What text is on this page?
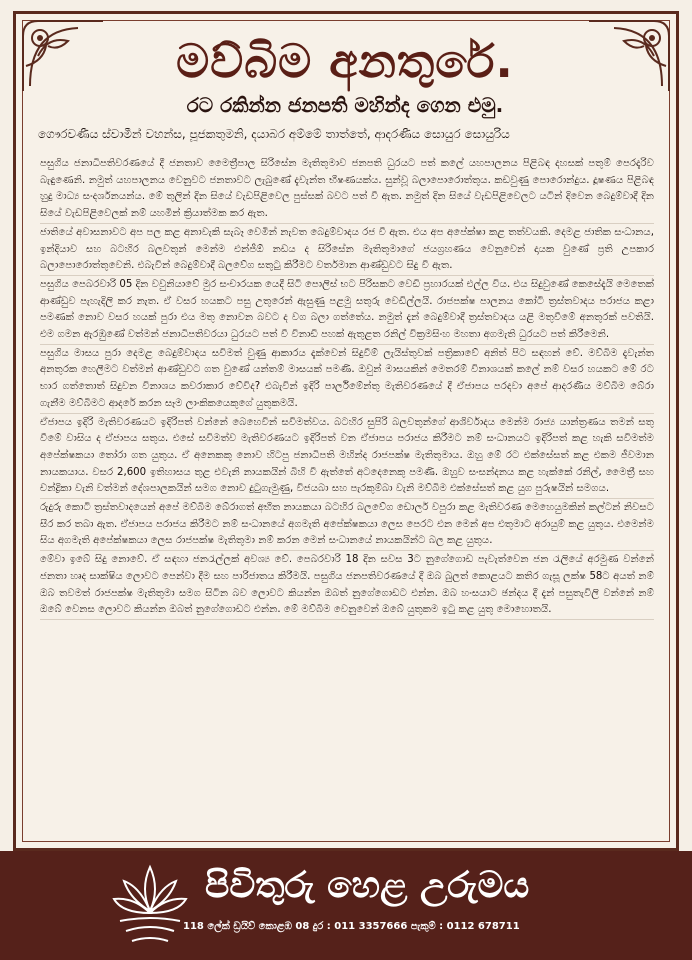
මව්බිම අනතුරේ.
රට රකින්න ජනපති මහින්ද ගෙන එමු.
ගෞරවණීය ස්වාමීන් වහන්ස, පූජකතුමනි, දයාබර අම්මේ තාත්තේ, ආදරණීය සොයුර සොයුරිය

පසුගිය ජනාධිපතිවරණයේ දී ජනතාව මෛත්‍රීපාල සිරිසේන මැතිතුමාව ජනපති ධුරයට පත් කලේ යහපාලනය පිළිබඳ දහසක් පතුම් පෙරදැරිව බැඳුණෙනි. නමුත් යහපාලනය වෙනුවට ජනතාවට ලැබුණේ දැවැන්ත භීෂණයක්ය. සුන්වූ බලාපොරොත්තුය. කඩවුණු පොරොන්දුය. දූෂණය පිළිබඳ හුදු මාධ්‍ය සංදර්ශනයන්ය. මේ තුලින් දින සියේ වැඩපිළිවෙල පුස්සක් බවට පත් වී ඇත. නමුත් දින සියේ වැඩපිළිවෙලට යටින් දිවෙන බෙදුම්වාදී දින සියේ වැඩපිළිවෙලක් නම් යහමින් ක්‍රියාත්මක කර ඇත.

ජාතියේ අවාසනාවට අප පල කළ අනාවැකි සැබෑ වෙමින් නැවත බෙදුම්වාදය රජ වී ඇත. එය අප අපේක්ෂා කළ තත්වයකි. දෙමළ ජාතික සංධානය, ඉන්දියාව සහ බටහිර බලවතුන් මෙන්ම එන්ජීඕ නඩය ද සිරිසේන මැතිතුමාගේ ජයග්‍රහණය වෙනුවෙන් දායක වුණේ ප්‍රති උපකාර බලාපොරොත්තුවෙනි. එබැවින් බෙදුම්වාදී බලවේග සතුටු කිරීමට වර්තමාන ආණ්ඩුවට සිදු වී ඇත.

පසුගිය පෙබරවාරි 05 දින වවුනියාවේ මුර සංචාරයක යෙදී සිටි පොලිස් භට පිරිසකට වෙඩි ප්‍රහාරයක් එල්ල විය. එය සිදුවුණේ කෙසේදැයි මෙතෙක් ආණ්ඩුව පැහැදිලි කර නැත. ඒ වසර හයකට පසු උතුරෙන් ඇසුණු පළමු සතුරු වෙඩිල්ලයි. රාජපක්ෂ පාලනය කෝටි ත්‍රස්තවාදය පරාජය කළා පමණක් නොව වසර හයක් පුරා එය මතු නොවන බවට ද වග බලා ගත්තේය. නමුත් දැන් බෙදුම්වාදී ත්‍රස්තවාදය යළි මතුවීමේ අනතුරක් පවතියි. එම ගමන ඇරඹුණේ වත්මන් ජනාධිපතිවරයා ධුරයට පත් වී විනාඩි පහක් ඇතුළත රනිල් වික්‍රමසිංහ මහතා අගමැති ධුරයට පත් කිරීමෙනි.

පසුගිය මාසය පුරා දෙමළ බෙදුම්වාදය සවිමත් වුණු ආකාරය දැක්වෙන් සිදුවීම් ලැයිස්තුවක් පත්‍රිකාවේ අනිත් පිට සඳහන් වේ. මව්බිම දැවැන්ත අනතුරක හෙලීමට වත්මන් ආණ්ඩුවට ගත වුණේ යන්තම් මාසයක් පමණි. ඔවුන් මාසයකින් මෙතරම් විනාශයක් කලේ නම් වසර හයකට මේ රට භාර ගත්තොත් සිදුවන විනාශය කවරාකාර වේවිද? එබැවින් ඉදිරි පාර්ලිමේන්තු මැතිවරණයේ දී ඒජාපය පරදවා අපේ ආදරණීය මව්බිම බේරා ගැනීම මව්බිමට ආදරේ කරන සෑම ලාංකිකයෙකුගේ යුතුකමයි.

ඒජාපය ඉදිරි මැතිවරණයට ඉදිරිපත් වන්නේ බෙහෙවින් සවිමත්වය. බටහිර සුපිරි බලවතුන්ගේ ආශිර්වාදය මෙන්ම රාජ්‍ය යාන්ත්‍රණය තමන් සතු වීමේ වාසිය ද ඒජාපය සතුය. එසේ සවිමත්ව මැතිවරණයට ඉදිරිපත් වන ඒජාපය පරාජය කිරීමට නම් සංධානයට ඉදිරිපත් කළ හැකි සවිමත්ම අපේක්ෂකයා තෝරා ගත යුතුය. ඒ අනෙකකු නොව හිටපු ජනාධිපති මහින්ද රාජපක්ෂ මැතිතුමාය. ඔහු මේ රට එක්සේසත් කළ එකම ජීවමාන නායකයාය. වසර 2,600 ඉතිහාසය තුළ එවැනි නායකයින් බිහි වී ඇත්තේ අටදෙනෙකු පමණි. ඔහුව සංසන්දනය කළ හැක්කේ රනිල්, මෛත්‍රී සහ චන්ද්‍රිකා වැනි වත්මන් දේශපාලකයින් සමග නොව දුටුගැමුණු, විජයබා සහ පැරකුම්බා වැනි මව්බිම එක්සේසත් කළ යුග පුරුෂයින් සමගය.

රුදුරු කොටි ත්‍රස්තවාදයෙන් අපේ මව්බිම බේරාගත් අභීත නායකයා බටහිර බලවේග ඩොලර් වපුරා කළ මැතිවරණ මෙහෙයුමකින් කල්ටන් නිවසට සීර කර තබා ඇත. ඒජාපය පරාජය කිරීමට නම් සංධානයේ අගමැති අපේක්ෂකයා ලෙස පෙරට එන මෙන් අප එතුමාට අරායුම් කළ යුතුය. එමෙන්ම සිය අගමැති අපේක්ෂකයා ලෙස රාජපක්ෂ මැතිතුමා නම් කරන මෙන් සංධානයේ නායකයින්ට බල කළ යුතුය.

මේවා ඉබේ සිදු නොවේ. ඒ සඳහා ජනරැල්ලක් අවශ්‍ය වේ. පෙබරවාරි 18 දින සවස 3ට නුගේගොඩ පැවැත්වෙන ජන රැලියේ අරමුණ වන්නේ ජනතා හෘද සාක්ෂිය ලොවට පෙන්වා දීම සහ පාරිජාතය කිරීමයි. පසුගිය ජනපතිවරණයේ දී ඔබ බුලත් කොළයට කතිර ගැසූ ලක්ෂ 58ට අයත් නම් ඔබ තවමත් රාජපක්ෂ මැතිතුමා සමග සිටින බව ලොවට කියන්න ඔබත් නුගේගොඩට එන්න. ඔබ හංසයාට ඡන්දය දී දැන් පසුතැවිලි වන්නේ නම් ඔබේ වෙනස ලොවට කියන්න ඔබත් නුගේගොඩට එන්න. මේ මව්බිම වෙනුවෙන් ඔබේ යුතුකම ඉටු කළ යුතු මොහොතයි.

පිවිතුරු හෙළ උරුමය
118 ලේක් ඩ්‍රයිව් කොළඹ 08 දුර : 011 3357666 පැකුම් : 0112 678711
